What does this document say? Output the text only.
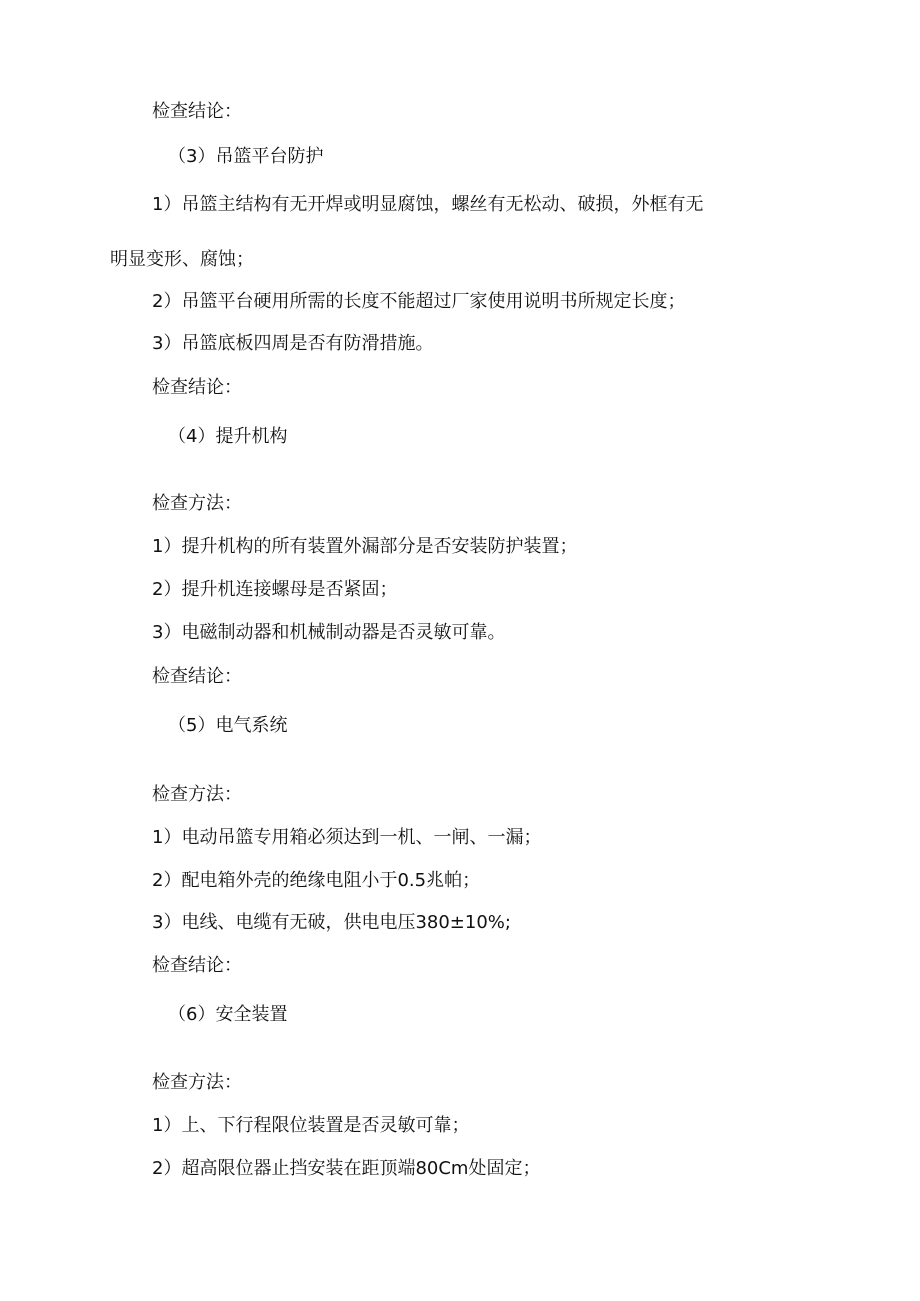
检查结论：
（3）吊篮平台防护
1）吊篮主结构有无开焊或明显腐蚀，螺丝有无松动、破损，外框有无
明显变形、腐蚀；
2）吊篮平台硬用所需的长度不能超过厂家使用说明书所规定长度；
3）吊篮底板四周是否有防滑措施。
检查结论：
（4）提升机构
检查方法：
1）提升机构的所有装置外漏部分是否安装防护装置；
2）提升机连接螺母是否紧固；
3）电磁制动器和机械制动器是否灵敏可靠。
检查结论：
（5）电气系统
检查方法：
1）电动吊篮专用箱必须达到一机、一闸、一漏；
2）配电箱外壳的绝缘电阻小于0.5兆帕；
3）电线、电缆有无破，供电电压380±10%;
检查结论：
（6）安全装置
检查方法：
1）上、下行程限位装置是否灵敏可靠；
2）超高限位器止挡安装在距顶端80Cm处固定；
